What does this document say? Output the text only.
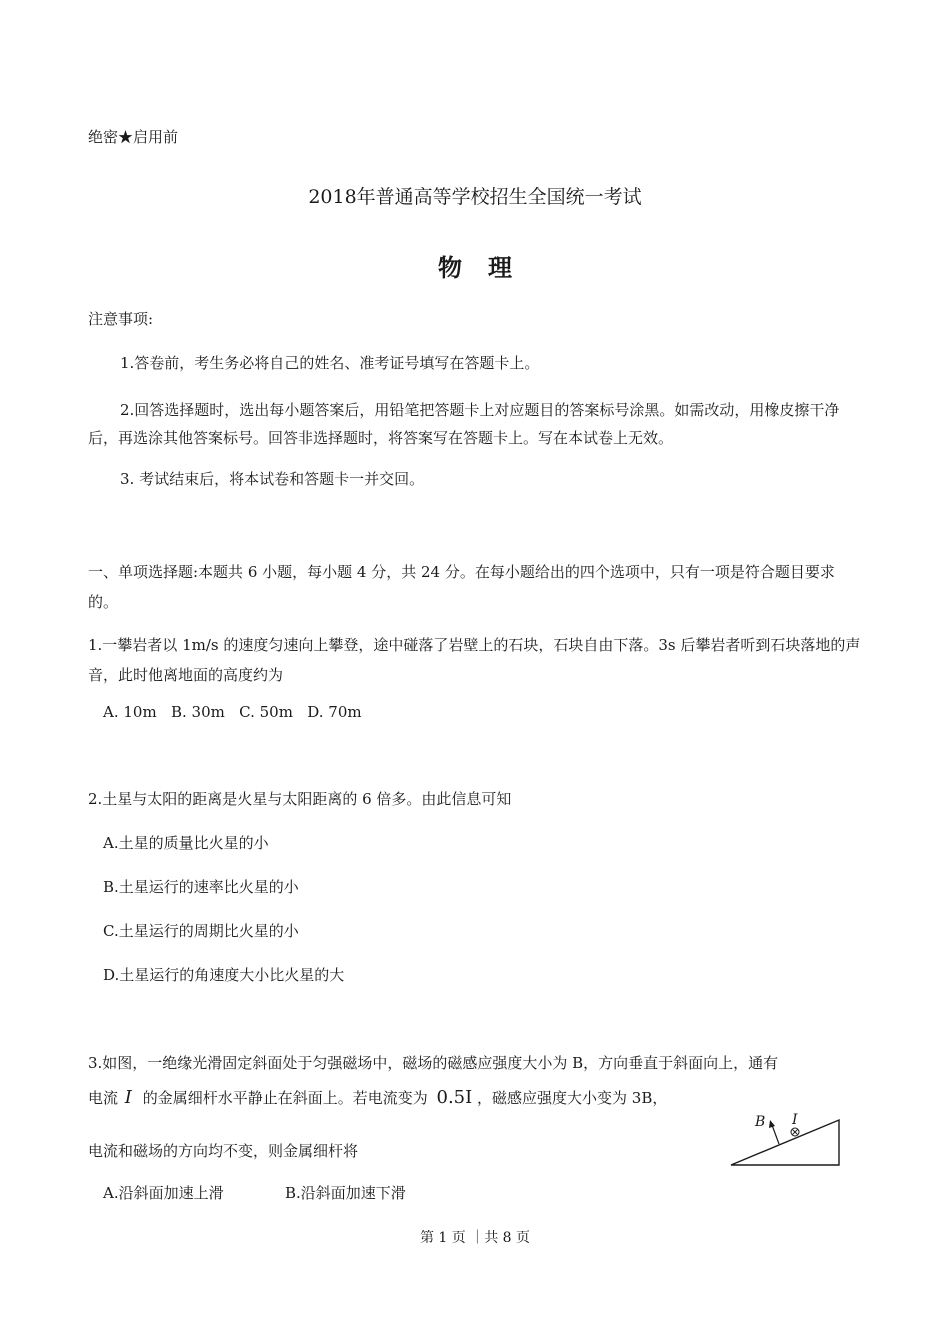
绝密★启用前
2018年普通高等学校招生全国统一考试
物理
注意事项:
1.答卷前，考生务必将自己的姓名、准考证号填写在答题卡上。
2.回答选择题时，选出每小题答案后，用铅笔把答题卡上对应题目的答案标号涂黑。如需改动，用橡皮擦干净后，再选涂其他答案标号。回答非选择题时，将答案写在答题卡上。写在本试卷上无效。
3. 考试结束后，将本试卷和答题卡一并交回。
一、单项选择题:本题共 6 小题，每小题 4 分，共 24 分。在每小题给出的四个选项中，只有一项是符合题目要求的。
1.一攀岩者以 1m/s 的速度匀速向上攀登，途中碰落了岩壁上的石块，石块自由下落。3s 后攀岩者听到石块落地的声音，此时他离地面的高度约为
A. 10m   B. 30m   C. 50m   D. 70m
2.土星与太阳的距离是火星与太阳距离的 6 倍多。由此信息可知
A.土星的质量比火星的小
B.土星运行的速率比火星的小
C.土星运行的周期比火星的小
D.土星运行的角速度大小比火星的大
3.如图，一绝缘光滑固定斜面处于匀强磁场中，磁场的磁感应强度大小为 B，方向垂直于斜面向上，通有
电流 I 的金属细杆水平静止在斜面上。若电流变为 0.5I ，磁感应强度大小变为 3B，
电流和磁场的方向均不变，则金属细杆将
A.沿斜面加速上滑	B.沿斜面加速下滑
B I
第 1 页 ｜共 8 页
